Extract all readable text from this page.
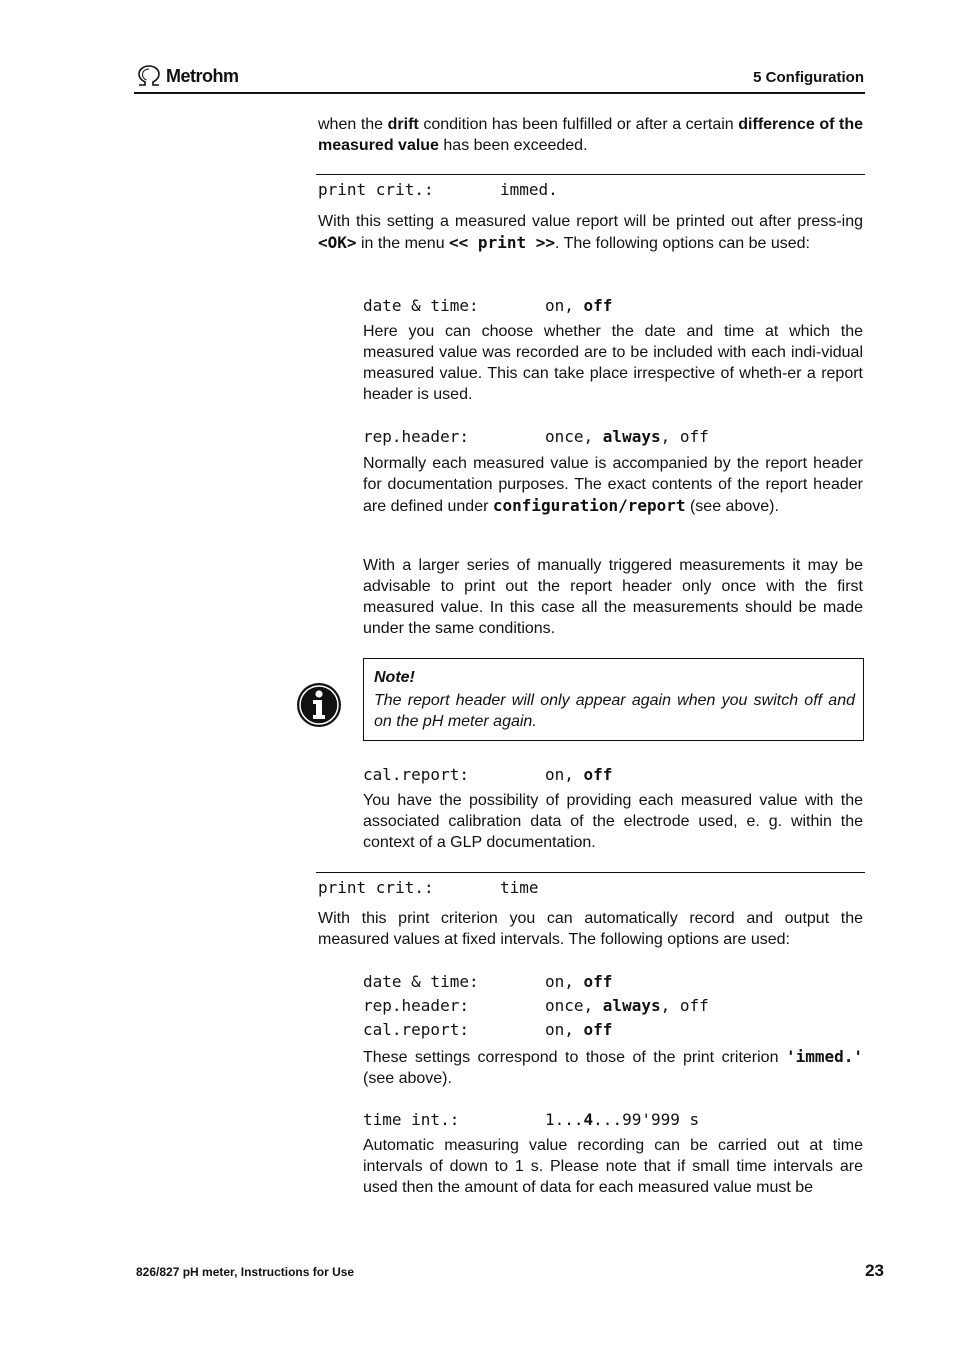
Metrohm	5 Configuration
when the drift condition has been fulfilled or after a certain difference of the measured value has been exceeded.
print crit.:	immed.
With this setting a measured value report will be printed out after press-ing <OK> in the menu << print >>. The following options can be used:
date & time:	on, off
Here you can choose whether the date and time at which the measured value was recorded are to be included with each indi-vidual measured value. This can take place irrespective of wheth-er a report header is used.
rep.header:	once, always, off
Normally each measured value is accompanied by the report header for documentation purposes. The exact contents of the report header are defined under configuration/report (see above).
With a larger series of manually triggered measurements it may be advisable to print out the report header only once with the first measured value. In this case all the measurements should be made under the same conditions.
Note!
The report header will only appear again when you switch off and on the pH meter again.
cal.report:	on, off
You have the possibility of providing each measured value with the associated calibration data of the electrode used, e. g. within the context of a GLP documentation.
print crit.:	time
With this print criterion you can automatically record and output the measured values at fixed intervals. The following options are used:
date & time:	on, off
rep.header:	once, always, off
cal.report:	on, off
These settings correspond to those of the print criterion 'immed.' (see above).
time int.:	1...4...99'999 s
Automatic measuring value recording can be carried out at time intervals of down to 1 s. Please note that if small time intervals are used then the amount of data for each measured value must be
826/827 pH meter, Instructions for Use	23
